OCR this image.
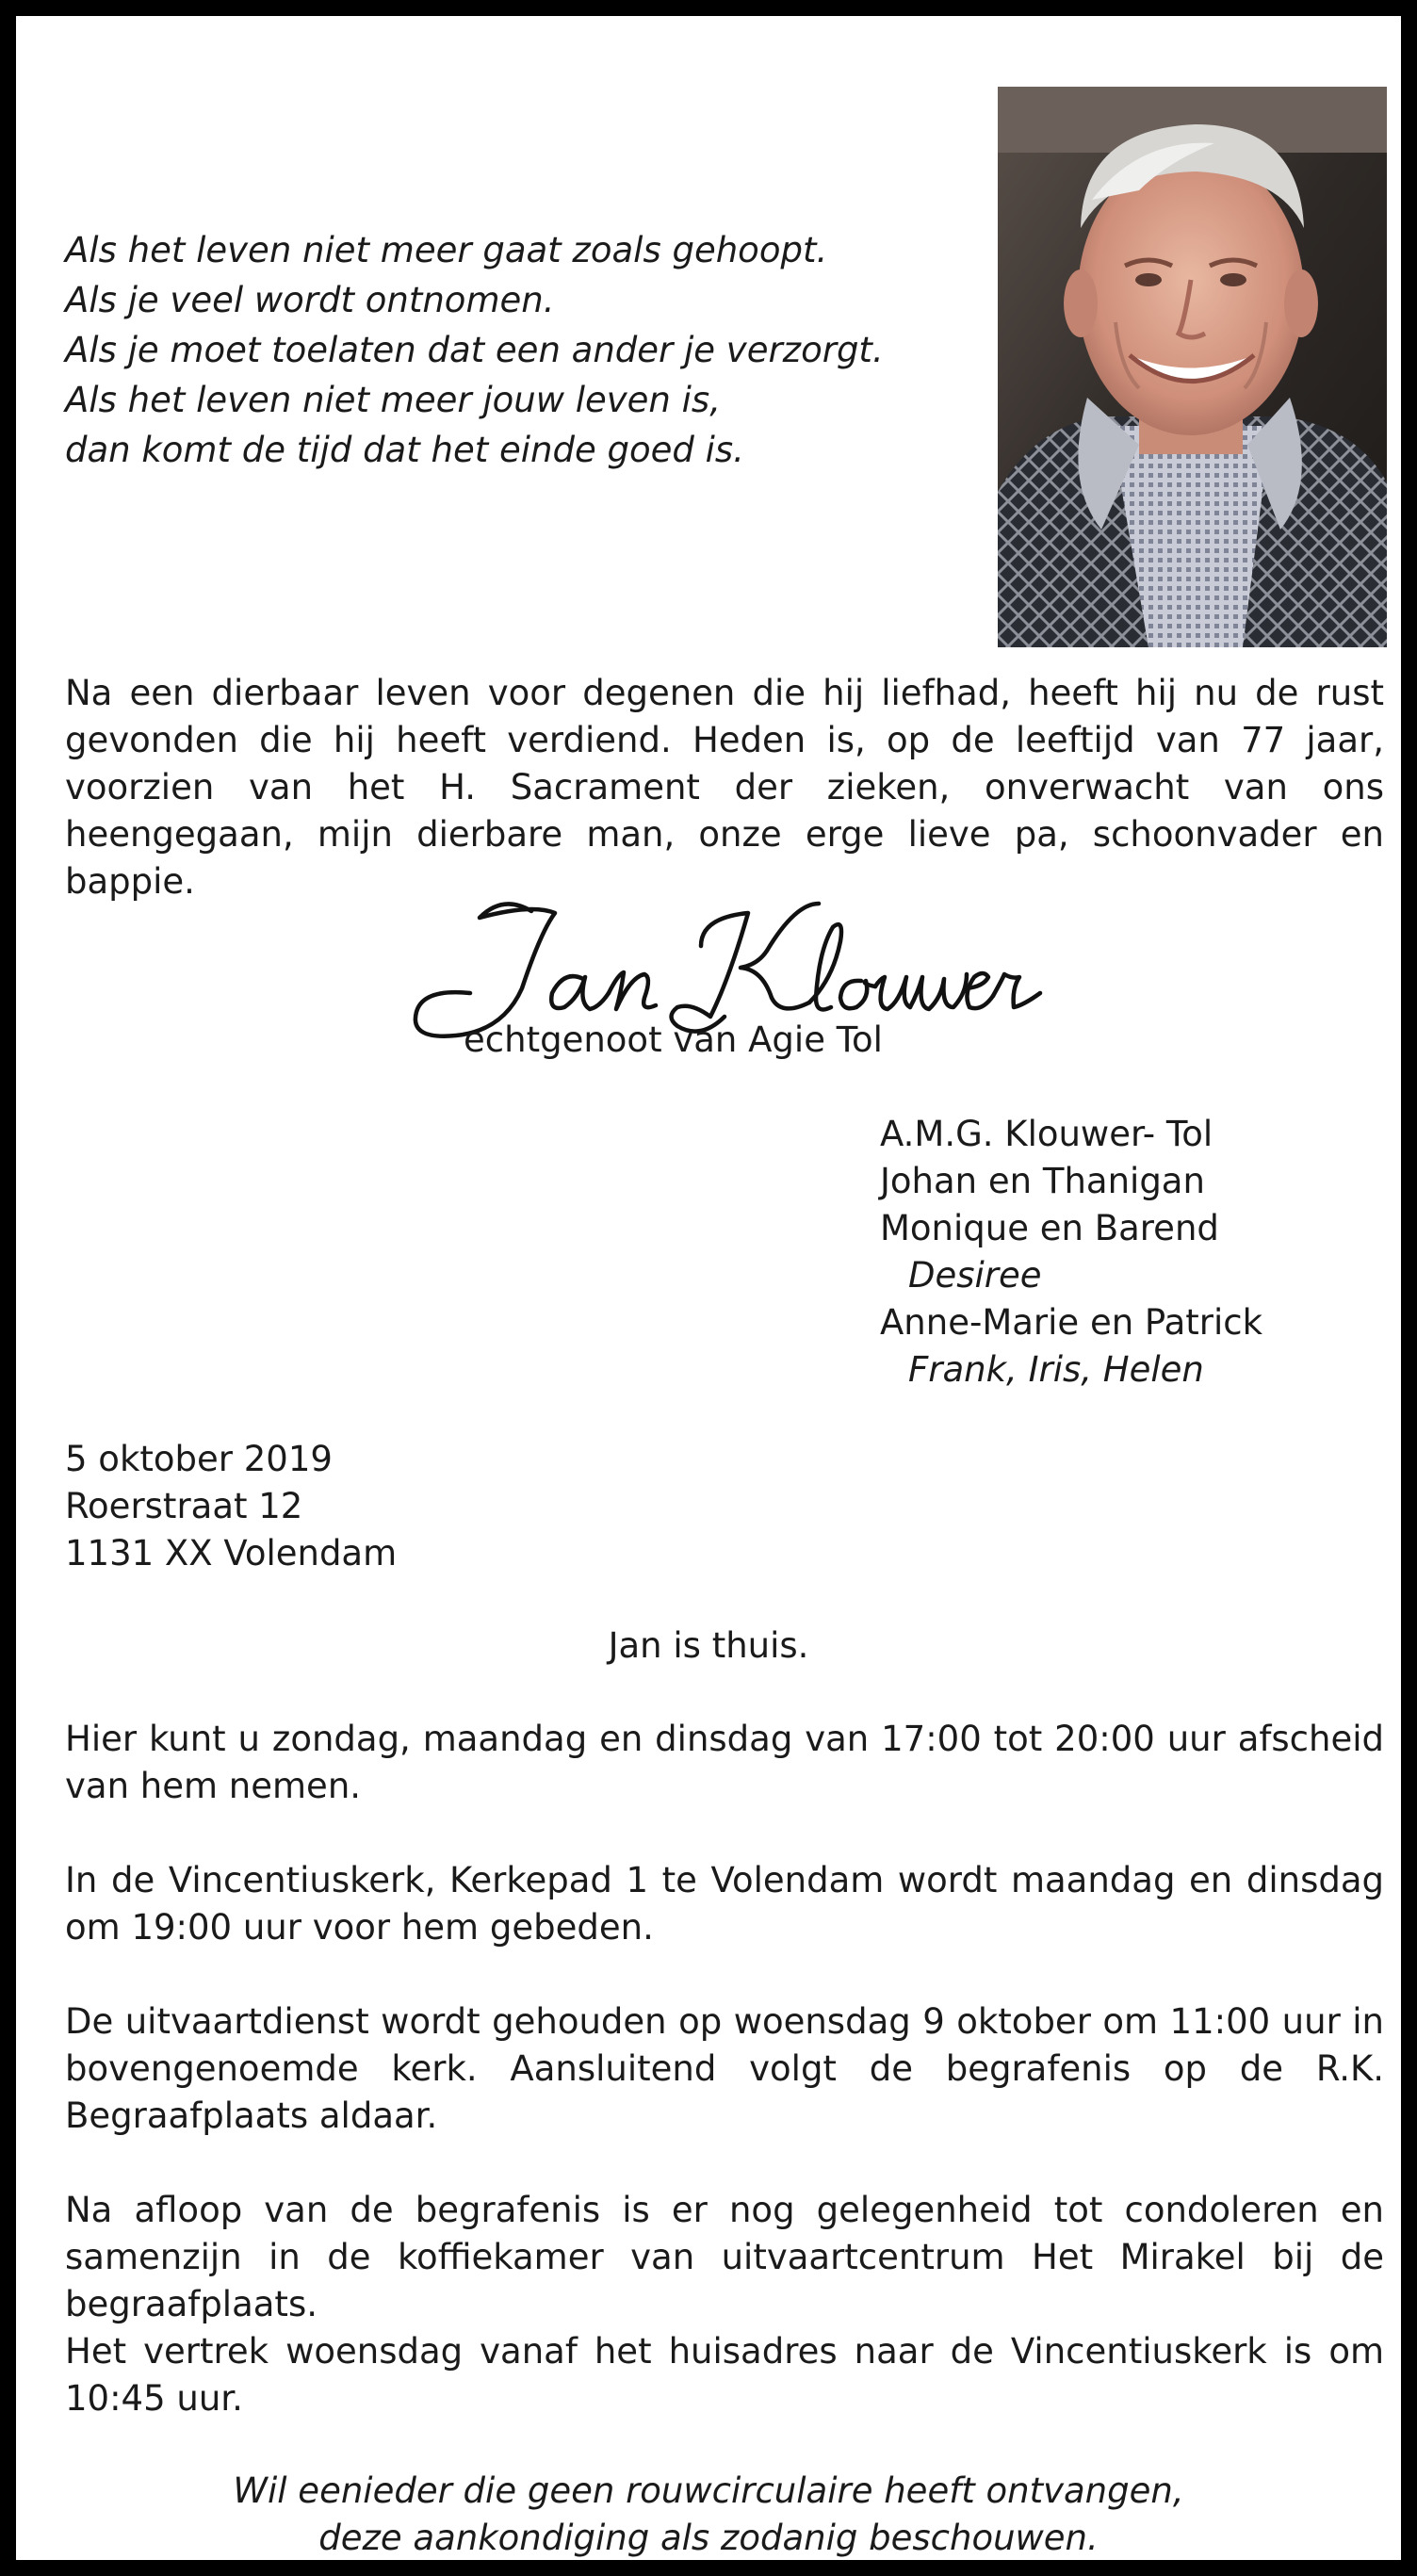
Als het leven niet meer gaat zoals gehoopt.
Als je veel wordt ontnomen.
Als je moet toelaten dat een ander je verzorgt.
Als het leven niet meer jouw leven is,
dan komt de tijd dat het einde goed is.
Na een dierbaar leven voor degenen die hij liefhad, heeft hij nu de rust gevonden die hij heeft verdiend. Heden is, op de leeftijd van 77 jaar, voorzien van het H. Sacrament der zieken, onverwacht van ons heengegaan, mijn dierbare man, onze erge lieve pa, schoonvader en bappie.
echtgenoot van Agie Tol
A.M.G. Klouwer- Tol
Johan en Thanigan
Monique en Barend
Desiree
Anne-Marie en Patrick
Frank, Iris, Helen
5 oktober 2019
Roerstraat 12
1131 XX Volendam
Jan is thuis.
Hier kunt u zondag, maandag en dinsdag van 17:00 tot 20:00 uur afscheid van hem nemen.
In de Vincentiuskerk, Kerkepad 1 te Volendam wordt maandag en dinsdag om 19:00 uur voor hem gebeden.
De uitvaartdienst wordt gehouden op woensdag 9 oktober om 11:00 uur in bovengenoemde kerk. Aansluitend volgt de begrafenis op de R.K. Begraafplaats aldaar.
Na afloop van de begrafenis is er nog gelegenheid tot condoleren en samenzijn in de koffiekamer van uitvaartcentrum Het Mirakel bij de begraafplaats.
Het vertrek woensdag vanaf het huisadres naar de Vincentiuskerk is om 10:45 uur.
Wil eenieder die geen rouwcirculaire heeft ontvangen,
deze aankondiging als zodanig beschouwen.
